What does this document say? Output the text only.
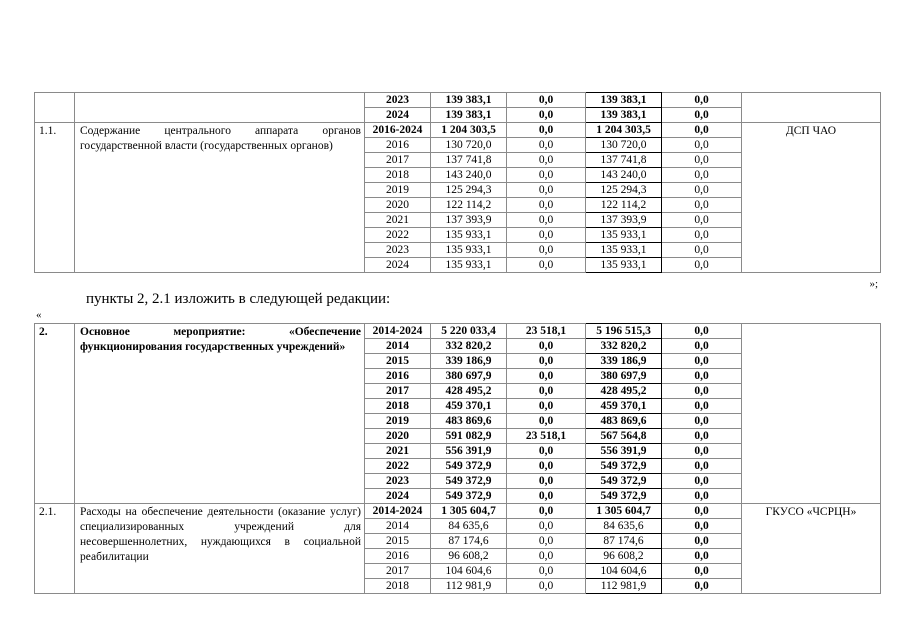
		2023	139 383,1	0,0	139 383,1	0,0	
		2024	139 383,1	0,0	139 383,1	0,0	
1.1.	Содержание центрального аппарата органов государственной власти (государственных органов)	2016-2024	1 204 303,5	0,0	1 204 303,5	0,0	ДСП ЧАО
		2016	130 720,0	0,0	130 720,0	0,0	
		2017	137 741,8	0,0	137 741,8	0,0	
		2018	143 240,0	0,0	143 240,0	0,0	
		2019	125 294,3	0,0	125 294,3	0,0	
		2020	122 114,2	0,0	122 114,2	0,0	
		2021	137 393,9	0,0	137 393,9	0,0	
		2022	135 933,1	0,0	135 933,1	0,0	
		2023	135 933,1	0,0	135 933,1	0,0	
		2024	135 933,1	0,0	135 933,1	0,0	
»;
пункты 2, 2.1 изложить в следующей редакции:
«
2.	Основное мероприятие: «Обеспечение функционирования государственных учреждений»	2014-2024	5 220 033,4	23 518,1	5 196 515,3	0,0	
		2014	332 820,2	0,0	332 820,2	0,0	
		2015	339 186,9	0,0	339 186,9	0,0	
		2016	380 697,9	0,0	380 697,9	0,0	
		2017	428 495,2	0,0	428 495,2	0,0	
		2018	459 370,1	0,0	459 370,1	0,0	
		2019	483 869,6	0,0	483 869,6	0,0	
		2020	591 082,9	23 518,1	567 564,8	0,0	
		2021	556 391,9	0,0	556 391,9	0,0	
		2022	549 372,9	0,0	549 372,9	0,0	
		2023	549 372,9	0,0	549 372,9	0,0	
		2024	549 372,9	0,0	549 372,9	0,0	
2.1.	Расходы на обеспечение деятельности (оказание услуг) специализированных учреждений для несовершеннолетних, нуждающихся в социальной реабилитации	2014-2024	1 305 604,7	0,0	1 305 604,7	0,0	ГКУСО «ЧСРЦН»
		2014	84 635,6	0,0	84 635,6	0,0	
		2015	87 174,6	0,0	87 174,6	0,0	
		2016	96 608,2	0,0	96 608,2	0,0	
		2017	104 604,6	0,0	104 604,6	0,0	
		2018	112 981,9	0,0	112 981,9	0,0	
